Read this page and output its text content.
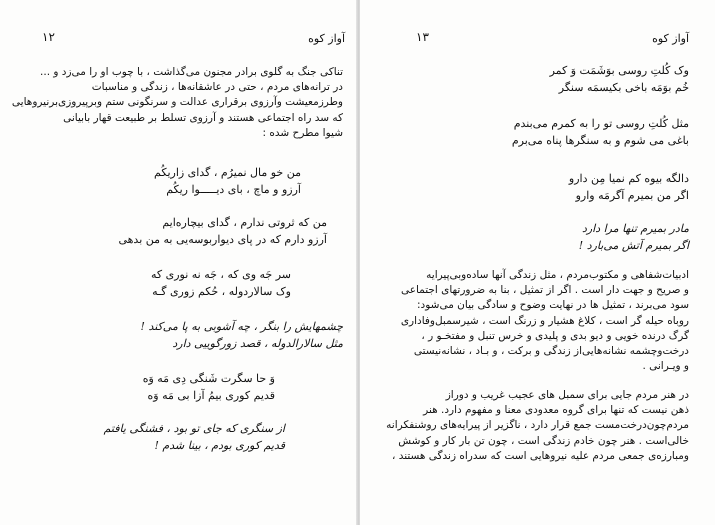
آواز کوه
۱۲

تناکی جنگ به گلوی برادر مجنون می‌گذاشت ، با چوب او را می‌زد و ...

در ترانه‌های مردم ، حتی در عاشقانه‌ها ، زندگی و مناسبات

وطرزمعیشت وآرزوی برقراری عدالت و سرنگونی ستم وبرپیروزی‌برنیروهایی

که سد راه اجتماعی هستند و آرزوی تسلط بر طبیعت قهار بابیانی

شیوا مطرح شده :

من خو مال نمیرُم ، گدای زاریکُم

آرزو و ماچ ، بای دیـــــوا ریکُم

من که ثروتی ندارم ، گدای بیچاره‌ایم

آرزو دارم که در پای دیواربوسه‌یی به من بدهی

سر جَه وی که ، جَه نه نوری که

وک سالاردوله ، حُکم زوری گـه

چشمهایش را بنگر ، چه آشوبی به پا می‌کند !

مثل سالارالدوله ، قصد زورگوییی دارد

وَ حا سگرت شَنگی دِی مَه وَه

قدیم کوری بیمُ آزا بی مَه وَه

از سنگری که جای تو بود ، فشنگی یافتم

قدیم کوری بودم ، بینا شدم !

آواز کوه
۱۳

وک کُلتِ روسی بوَشَمَت وَ کمر

خُم بوَمَه باخی بکیسمَه سنگر

مثل کُلتِ روسی تو را به کمرم می‌بندم

باغی می شوم و به سنگرها پناه می‌برم

دالگه بیوه کم نمیا مِن دارو

اگر من بمیرم آگرمَه وارو

مادر بمیرم تنها مرا دارد

اگر بمیرم آتش می‌بارد !

ادبیات‌شفاهی و مکتوب‌مردم ، مثل زندگی آنها ساده‌وبی‌پیرایه

و صریح و جهت دار است . اگر از تمثیل ، بنا به ضرورتهای اجتماعی

سود می‌برند ، تمثیل ها در نهایت وضوح و سادگی بیان می‌شود:

روباه حیله گر است ، کلاغ هشیار و زرنگ است ، شیرسمبل‌وفاداری

گرگ درنده خویی و دیو بدی و پلیدی و خرس تنبل و مفتخـو ر ،

درخت‌وچشمه نشانه‌هایی‌از زندگی و برکت ، و بـاد ، نشانه‌نیستی

و ویـرانی .

در هنر مردم جایی برای سمبل های عجیب غریب و دوراز

ذهن نیست که تنها برای گروه معدودی معنا و مفهوم دارد. هنر

مردم‌چون‌درخت‌مست جمع قرار دارد ، ناگزیر از پیرایه‌های روشنفکرانه

خالی‌است . هنر چون خادم زندگی است ، چون تن بار کار و کوشش

ومبارزه‌ی جمعی مردم علیه نیروهایی است که سدراه زندگی هستند ،
